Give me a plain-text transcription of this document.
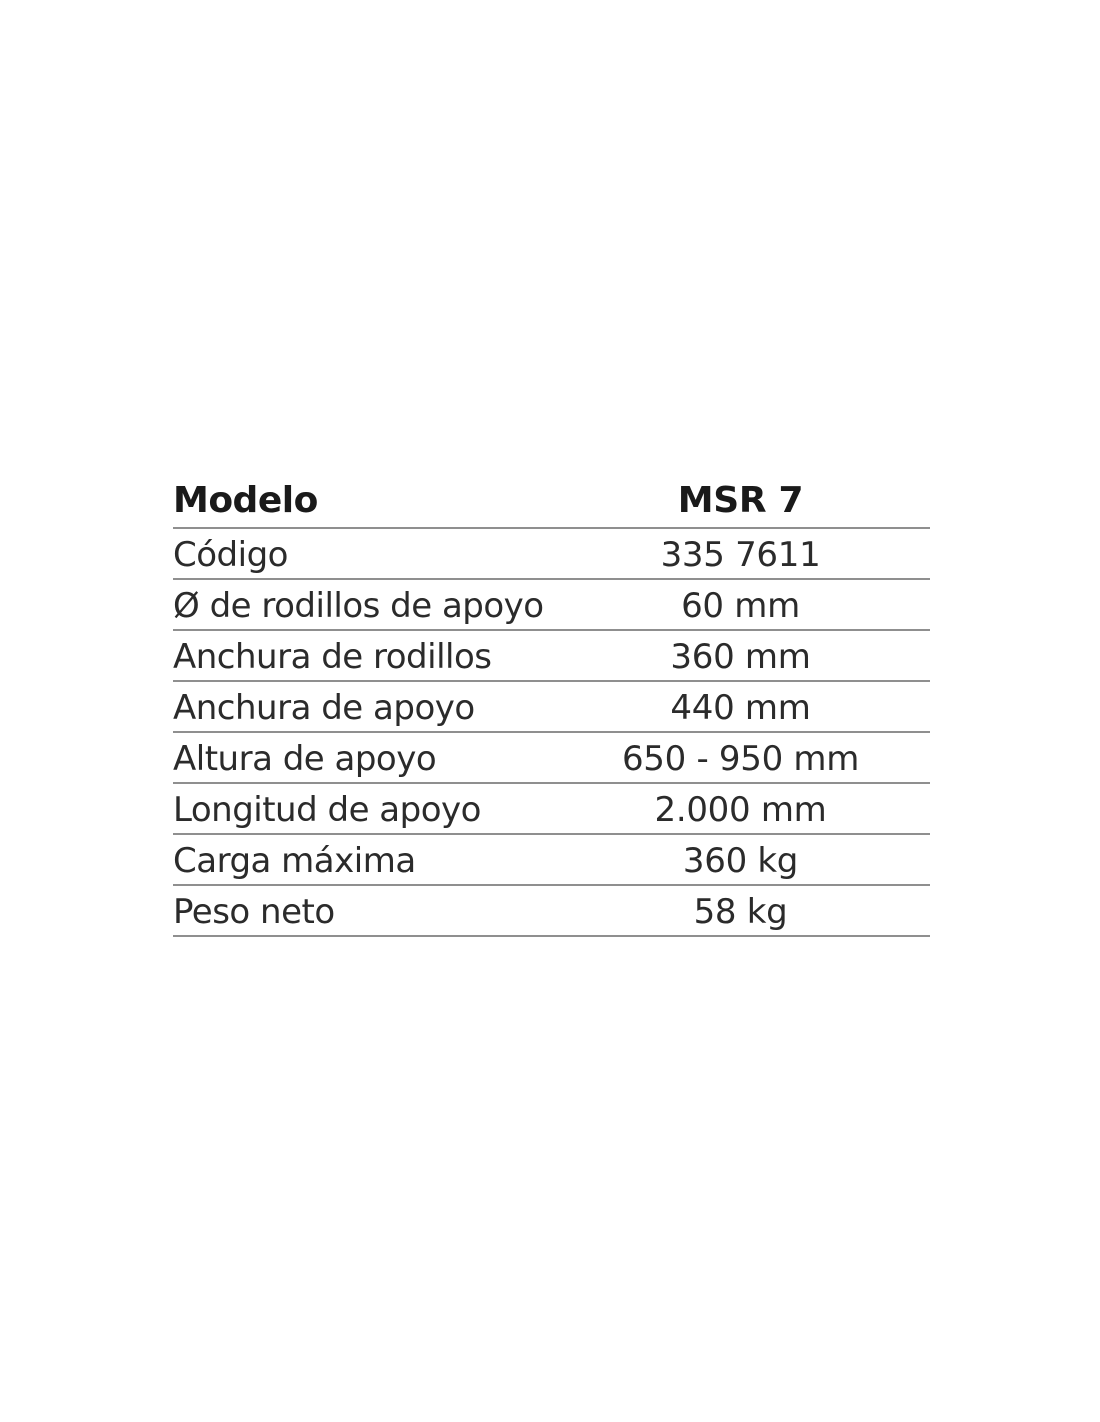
Modelo	MSR 7
Código	335 7611
Ø de rodillos de apoyo	60 mm
Anchura de rodillos	360 mm
Anchura de apoyo	440 mm
Altura de apoyo	650 - 950 mm
Longitud de apoyo	2.000 mm
Carga máxima	360 kg
Peso neto	58 kg
